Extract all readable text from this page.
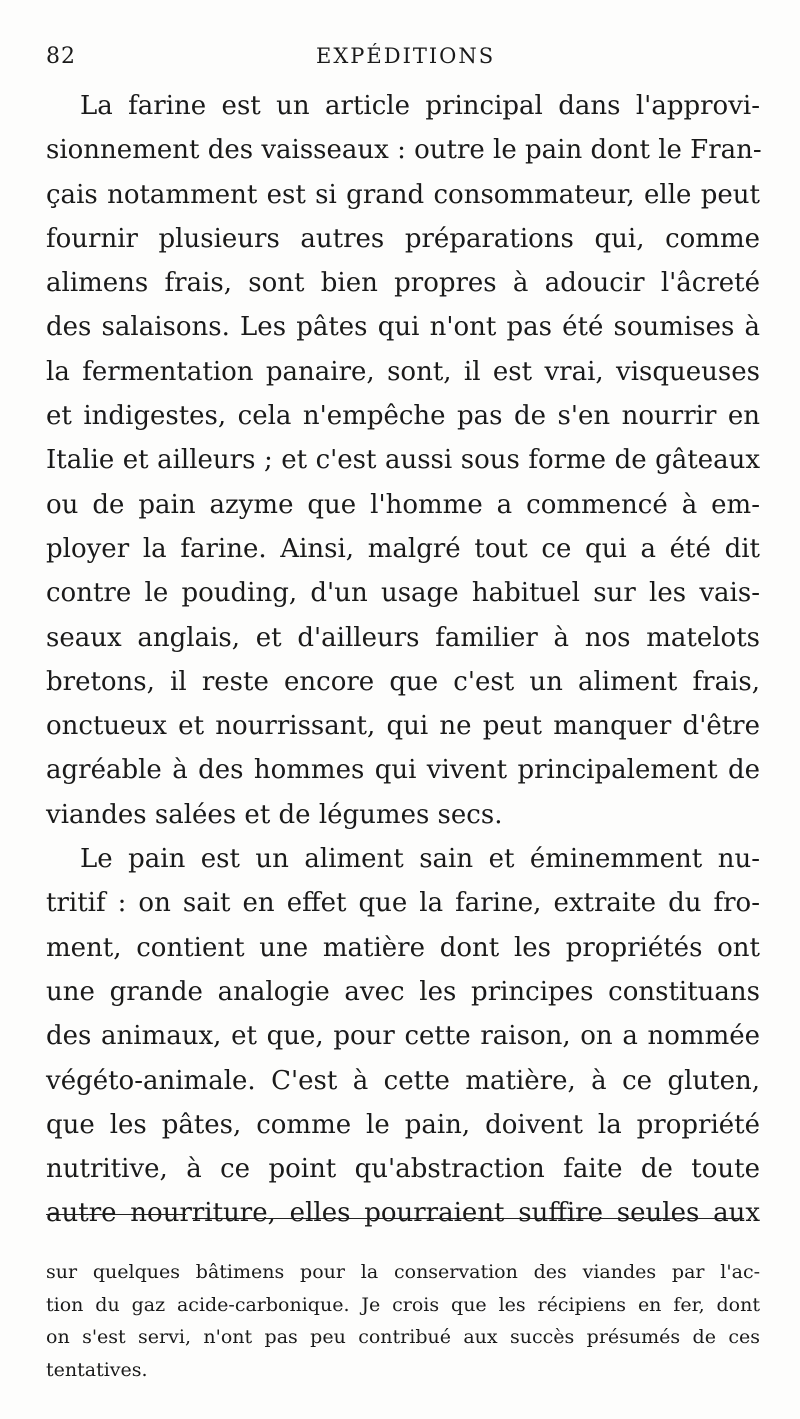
82	EXPÉDITIONS
La farine est un article principal dans l'approvi-
sionnement des vaisseaux : outre le pain dont le Fran-
çais notamment est si grand consommateur, elle peut
fournir plusieurs autres préparations qui, comme
alimens frais, sont bien propres à adoucir l'âcreté
des salaisons. Les pâtes qui n'ont pas été soumises à
la fermentation panaire, sont, il est vrai, visqueuses
et indigestes, cela n'empêche pas de s'en nourrir en
Italie et ailleurs ; et c'est aussi sous forme de gâteaux
ou de pain azyme que l'homme a commencé à em-
ployer la farine. Ainsi, malgré tout ce qui a été dit
contre le pouding, d'un usage habituel sur les vais-
seaux anglais, et d'ailleurs familier à nos matelots
bretons, il reste encore que c'est un aliment frais,
onctueux et nourrissant, qui ne peut manquer d'être
agréable à des hommes qui vivent principalement de
viandes salées et de légumes secs.
Le pain est un aliment sain et éminemment nu-
tritif : on sait en effet que la farine, extraite du fro-
ment, contient une matière dont les propriétés ont
une grande analogie avec les principes constituans
des animaux, et que, pour cette raison, on a nommée
végéto-animale. C'est à cette matière, à ce gluten,
que les pâtes, comme le pain, doivent la propriété
nutritive, à ce point qu'abstraction faite de toute
autre nourriture, elles pourraient suffire seules aux
sur quelques bâtimens pour la conservation des viandes par l'ac-
tion du gaz acide-carbonique. Je crois que les récipiens en fer, dont
on s'est servi, n'ont pas peu contribué aux succès présumés de ces
tentatives.
